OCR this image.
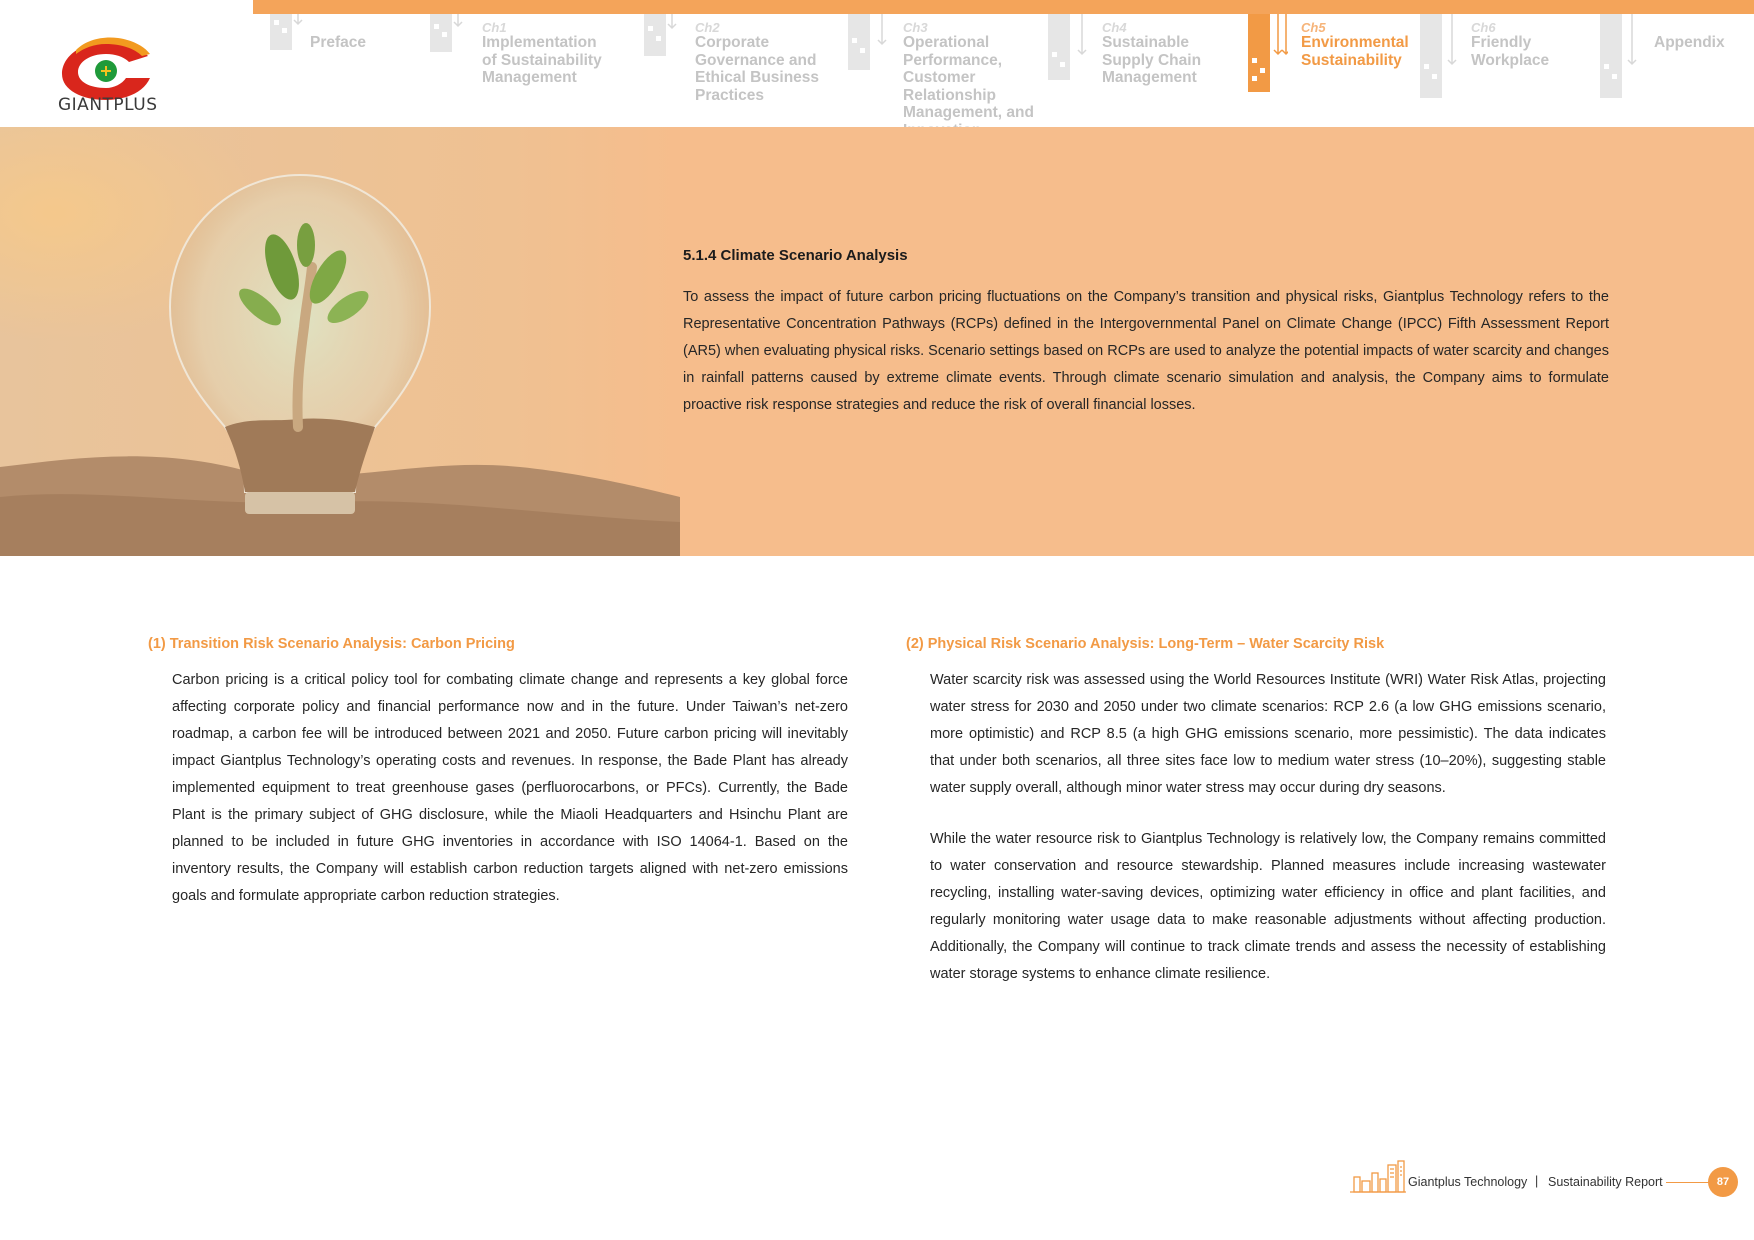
GIANTPLUS
Preface
Ch1
Implementation
of Sustainability
Management
Ch2
Corporate
Governance and
Ethical Business
Practices
Ch3
Operational
Performance,
Customer
Relationship
Management, and

Ch4
Sustainable
Supply Chain
Management
Ch5
Environmental
Sustainability
Ch6
Friendly
Workplace
Appendix
5.1.4 Climate Scenario Analysis

To assess the impact of future carbon pricing fluctuations on the Company’s transition and physical risks, Giantplus Technology refers to the Representative Concentration Pathways (RCPs) defined in the Intergovernmental Panel on Climate Change (IPCC) Fifth Assessment Report (AR5) when evaluating physical risks. Scenario settings based on RCPs are used to analyze the potential impacts of water scarcity and changes in rainfall patterns caused by extreme climate events. Through climate scenario simulation and analysis, the Company aims to formulate proactive risk response strategies and reduce the risk of overall financial losses.

(1) Transition Risk Scenario Analysis: Carbon Pricing

Carbon pricing is a critical policy tool for combating climate change and represents a key global force affecting corporate policy and financial performance now and in the future. Under Taiwan’s net-zero roadmap, a carbon fee will be introduced between 2021 and 2050. Future carbon pricing will inevitably impact Giantplus Technology’s operating costs and revenues. In response, the Bade Plant has already implemented equipment to treat greenhouse gases (perfluorocarbons, or PFCs). Currently, the Bade Plant is the primary subject of GHG disclosure, while the Miaoli Headquarters and Hsinchu Plant are planned to be included in future GHG inventories in accordance with ISO 14064-1. Based on the inventory results, the Company will establish carbon reduction targets aligned with net-zero emissions goals and formulate appropriate carbon reduction strategies.

(2) Physical Risk Scenario Analysis: Long-Term – Water Scarcity Risk

Water scarcity risk was assessed using the World Resources Institute (WRI) Water Risk Atlas, projecting water stress for 2030 and 2050 under two climate scenarios: RCP 2.6 (a low GHG emissions scenario, more optimistic) and RCP 8.5 (a high GHG emissions scenario, more pessimistic). The data indicates that under both scenarios, all three sites face low to medium water stress (10–20%), suggesting stable water supply overall, although minor water stress may occur during dry seasons.

While the water resource risk to Giantplus Technology is relatively low, the Company remains committed to water conservation and resource stewardship. Planned measures include increasing wastewater recycling, installing water-saving devices, optimizing water efficiency in office and plant facilities, and regularly monitoring water usage data to make reasonable adjustments without affecting production. Additionally, the Company will continue to track climate trends and assess the necessity of establishing water storage systems to enhance climate resilience.

Giantplus Technology | Sustainability Report	87
